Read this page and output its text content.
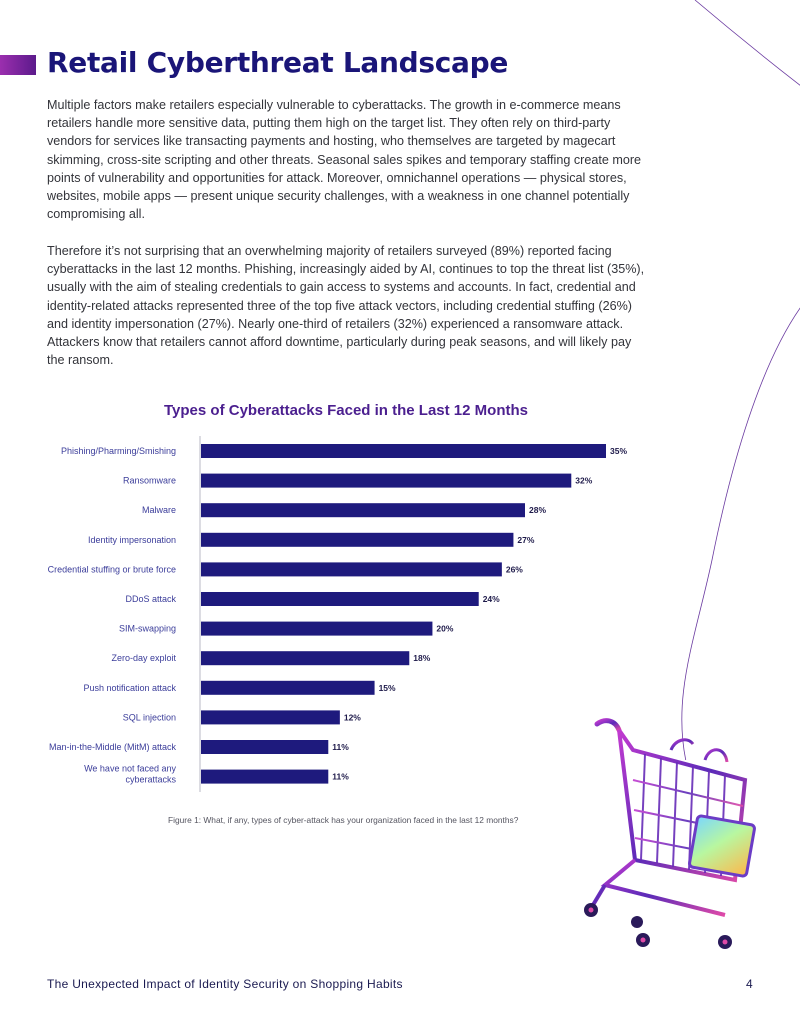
Retail Cyberthreat Landscape

Multiple factors make retailers especially vulnerable to cyberattacks. The growth in e-commerce means retailers handle more sensitive data, putting them high on the target list. They often rely on third-party vendors for services like transacting payments and hosting, who themselves are targeted by magecart skimming, cross-site scripting and other threats. Seasonal sales spikes and temporary staffing create more points of vulnerability and opportunities for attack. Moreover, omnichannel operations — physical stores, websites, mobile apps — present unique security challenges, with a weakness in one channel potentially compromising all.

Therefore it’s not surprising that an overwhelming majority of retailers surveyed (89%) reported facing cyberattacks in the last 12 months. Phishing, increasingly aided by AI, continues to top the threat list (35%), usually with the aim of stealing credentials to gain access to systems and accounts. In fact, credential and identity-related attacks represented three of the top five attack vectors, including credential stuffing (26%) and identity impersonation (27%). Nearly one-third of retailers (32%) experienced a ransomware attack. Attackers know that retailers cannot afford downtime, particularly during peak seasons, and will likely pay the ransom.

Types of Cyberattacks Faced in the Last 12 Months
35%
Phishing/Pharming/Smishing
32%
Ransomware
28%
Malware
27%
Identity impersonation
26%
Credential stuffing or brute force
24%
DDoS attack
20%
SIM-swapping
18%
Zero-day exploit
15%
Push notification attack
12%
SQL injection
11%
Man-in-the-Middle (MitM) attack
11%
We have not faced any cyberattacks

Figure 1: What, if any, types of cyber-attack has your organization faced in the last 12 months?

The Unexpected Impact of Identity Security on Shopping Habits	4
